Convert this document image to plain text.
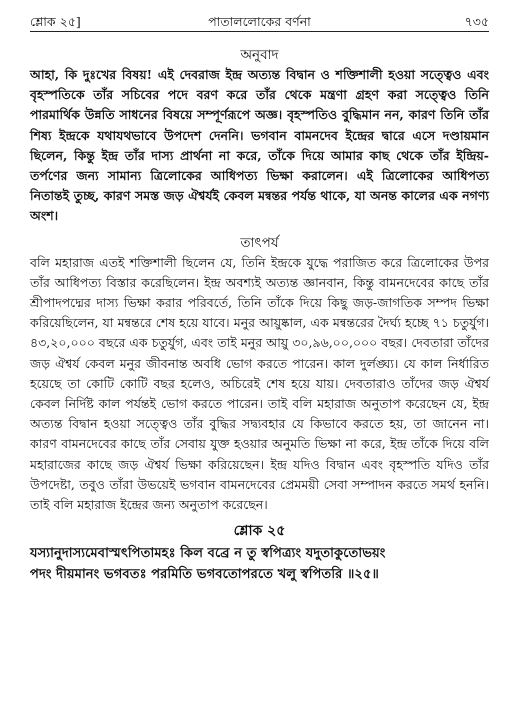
শ্লোক ২৫]	পাতাললোকের বর্ণনা	৭৩৫
অনুবাদ

আহা, কি দুঃখের বিষয়! এই দেবরাজ ইন্দ্র অত্যন্ত বিদ্বান ও শক্তিশালী হওয়া সত্ত্বেও এবং বৃহস্পতিকে তাঁর সচিবের পদে বরণ করে তাঁর থেকে মন্ত্রণা গ্রহণ করা সত্ত্বেও তিনি পারমার্থিক উন্নতি সাধনের বিষয়ে সম্পূর্ণরূপে অজ্ঞ। বৃহস্পতিও বুদ্ধিমান নন, কারণ তিনি তাঁর শিষ্য ইন্দ্রকে যথাযথভাবে উপদেশ দেননি। ভগবান বামনদেব ইন্দ্রের দ্বারে এসে দণ্ডায়মান ছিলেন, কিন্তু ইন্দ্র তাঁর দাস্য প্রার্থনা না করে, তাঁকে দিয়ে আমার কাছ থেকে তাঁর ইন্দ্রিয়-তর্পণের জন্য সামান্য ত্রিলোকের আধিপত্য ভিক্ষা করালেন। এই ত্রিলোকের আধিপত্য নিতান্তই তুচ্ছ, কারণ সমস্ত জড় ঐশ্বর্যই কেবল মন্বন্তর পর্যন্ত থাকে, যা অনন্ত কালের এক নগণ্য অংশ।

তাৎপর্য

বলি মহারাজ এতই শক্তিশালী ছিলেন যে, তিনি ইন্দ্রকে যুদ্ধে পরাজিত করে ত্রিলোকের উপর তাঁর আধিপত্য বিস্তার করেছিলেন। ইন্দ্র অবশ্যই অত্যন্ত জ্ঞানবান, কিন্তু বামনদেবের কাছে তাঁর শ্রীপাদপদ্মের দাস্য ভিক্ষা করার পরিবর্তে, তিনি তাঁকে দিয়ে কিছু জড়-জাগতিক সম্পদ ভিক্ষা করিয়েছিলেন, যা মন্বন্তরে শেষ হয়ে যাবে। মনুর আয়ুষ্কাল, এক মন্বন্তরের দৈর্ঘ্য হচ্ছে ৭১ চতুর্যুগ। ৪৩,২০,০০০ বছরে এক চতুর্যুগ, এবং তাই মনুর আয়ু ৩০,৯৬,০০,০০০ বছর। দেবতারা তাঁদের জড় ঐশ্বর্য কেবল মনুর জীবনান্ত অবধি ভোগ করতে পারেন। কাল দুর্লঙ্ঘ্য। যে কাল নির্ধারিত হয়েছে তা কোটি কোটি বছর হলেও, অচিরেই শেষ হয়ে যায়। দেবতারাও তাঁদের জড় ঐশ্বর্য কেবল নির্দিষ্ট কাল পর্যন্তই ভোগ করতে পারেন। তাই বলি মহারাজ অনুতাপ করেছেন যে, ইন্দ্র অত্যন্ত বিদ্বান হওয়া সত্ত্বেও তাঁর বুদ্ধির সদ্ব্যবহার যে কিভাবে করতে হয়, তা জানেন না। কারণ বামনদেবের কাছে তাঁর সেবায় যুক্ত হওয়ার অনুমতি ভিক্ষা না করে, ইন্দ্র তাঁকে দিয়ে বলি মহারাজের কাছে জড় ঐশ্বর্য ভিক্ষা করিয়েছেন। ইন্দ্র যদিও বিদ্বান এবং বৃহস্পতি যদিও তাঁর উপদেষ্টা, তবুও তাঁরা উভয়েই ভগবান বামনদেবের প্রেমময়ী সেবা সম্পাদন করতে সমর্থ হননি। তাই বলি মহারাজ ইন্দ্রের জন্য অনুতাপ করেছেন।

শ্লোক ২৫

যস্যানুদাস্যমেবাস্মৎপিতামহঃ কিল বব্রে ন তু স্বপিত্র্যং যদুতাকুতোভয়ং
পদং দীয়মানং ভগবতঃ পরমিতি ভগবতোপরতে খলু স্বপিতরি ॥২৫॥
